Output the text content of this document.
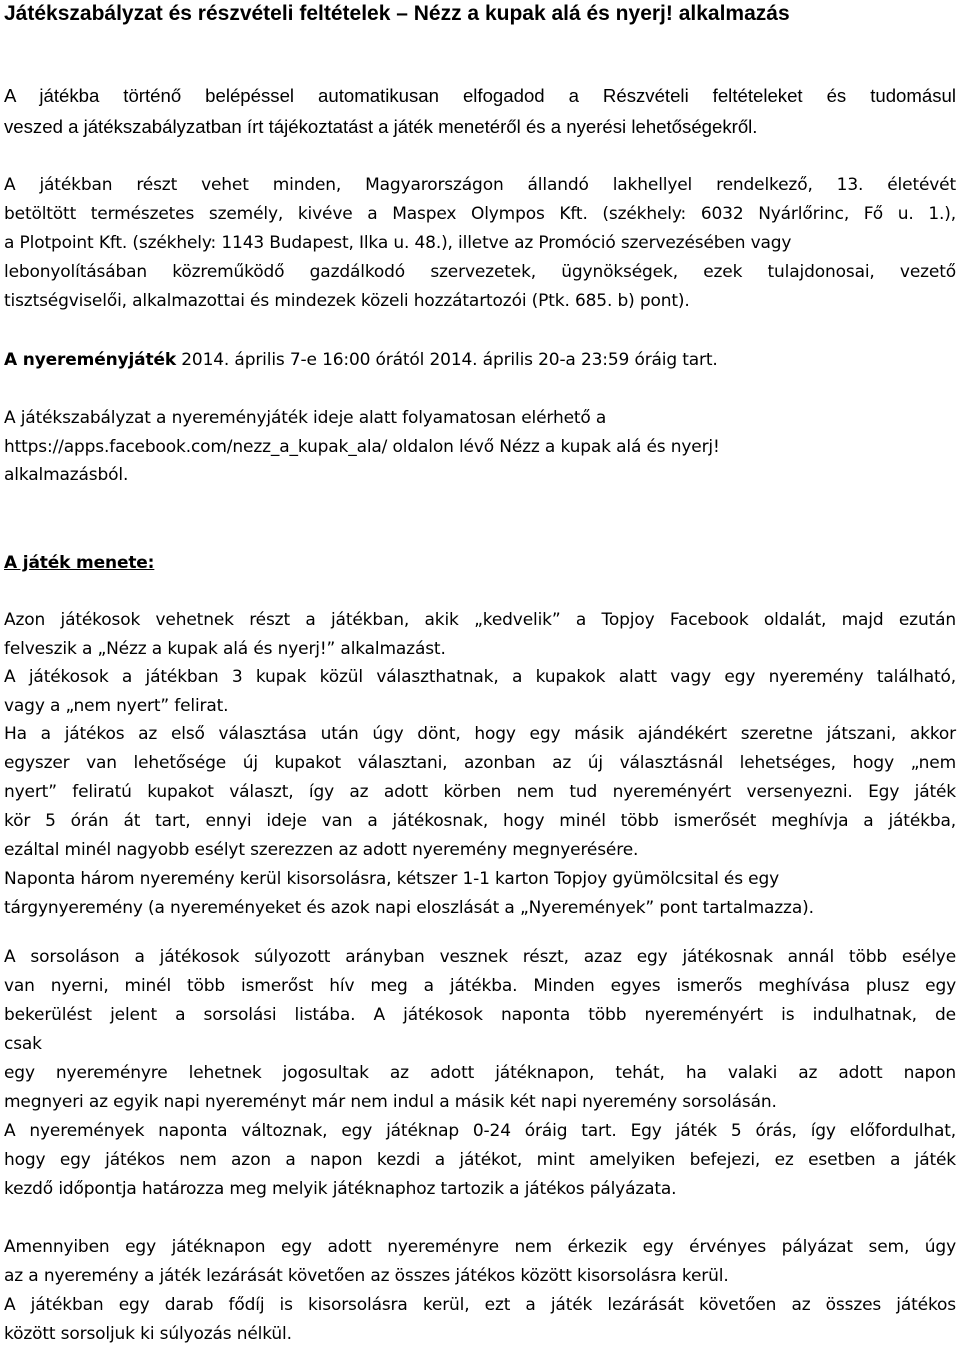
Játékszabályzat és részvételi feltételek – Nézz a kupak alá és nyerj! alkalmazás
A játékba történő belépéssel automatikusan elfogadod a Részvételi feltételeket és tudomásul
veszed a játékszabályzatban írt tájékoztatást a játék menetéről és a nyerési lehetőségekről.
A játékban részt vehet minden, Magyarországon állandó lakhellyel rendelkező, 13. életévét
betöltött természetes személy, kivéve a Maspex Olympos Kft. (székhely: 6032 Nyárlőrinc, Fő u. 1.),
a Plotpoint Kft. (székhely: 1143 Budapest, Ilka u. 48.), illetve az Promóció szervezésében vagy
lebonyolításában közreműködő gazdálkodó szervezetek, ügynökségek, ezek tulajdonosai, vezető
tisztségviselői, alkalmazottai és mindezek közeli hozzátartozói (Ptk. 685. b) pont).
A nyereményjáték 2014. április 7-e 16:00 órától 2014. április 20-a 23:59 óráig tart.
A játékszabályzat a nyereményjáték ideje alatt folyamatosan elérhető a
https://apps.facebook.com/nezz_a_kupak_ala/ oldalon lévő Nézz a kupak alá és nyerj!
alkalmazásból.
A játék menete:
Azon játékosok vehetnek részt a játékban, akik „kedvelik” a Topjoy Facebook oldalát, majd ezután
felveszik a „Nézz a kupak alá és nyerj!” alkalmazást.
A játékosok a játékban 3 kupak közül választhatnak, a kupakok alatt vagy egy nyeremény található,
vagy a „nem nyert” felirat.
Ha a játékos az első választása után úgy dönt, hogy egy másik ajándékért szeretne játszani, akkor
egyszer van lehetősége új kupakot választani, azonban az új választásnál lehetséges, hogy „nem
nyert” feliratú kupakot választ, így az adott körben nem tud nyereményért versenyezni. Egy játék
kör 5 órán át tart, ennyi ideje van a játékosnak, hogy minél több ismerősét meghívja a játékba,
ezáltal minél nagyobb esélyt szerezzen az adott nyeremény megnyerésére.
Naponta három nyeremény kerül kisorsolásra, kétszer 1-1 karton Topjoy gyümölcsital és egy
tárgynyeremény (a nyereményeket és azok napi eloszlását a „Nyeremények” pont tartalmazza).
A sorsoláson a játékosok súlyozott arányban vesznek részt, azaz egy játékosnak annál több esélye
van nyerni, minél több ismerőst hív meg a játékba. Minden egyes ismerős meghívása plusz egy
bekerülést jelent a sorsolási listába. A játékosok naponta több nyereményért is indulhatnak, de
csak
egy nyereményre lehetnek jogosultak az adott játéknapon, tehát, ha valaki az adott napon
megnyeri az egyik napi nyereményt már nem indul a másik két napi nyeremény sorsolásán.
A nyeremények naponta változnak, egy játéknap 0-24 óráig tart. Egy játék 5 órás, így előfordulhat,
hogy egy játékos nem azon a napon kezdi a játékot, mint amelyiken befejezi, ez esetben a játék
kezdő időpontja határozza meg melyik játéknaphoz tartozik a játékos pályázata.
Amennyiben egy játéknapon egy adott nyereményre nem érkezik egy érvényes pályázat sem, úgy
az a nyeremény a játék lezárását követően az összes játékos között kisorsolásra kerül.
A játékban egy darab fődíj is kisorsolásra kerül, ezt a játék lezárását követően az összes játékos
között sorsoljuk ki súlyozás nélkül.
